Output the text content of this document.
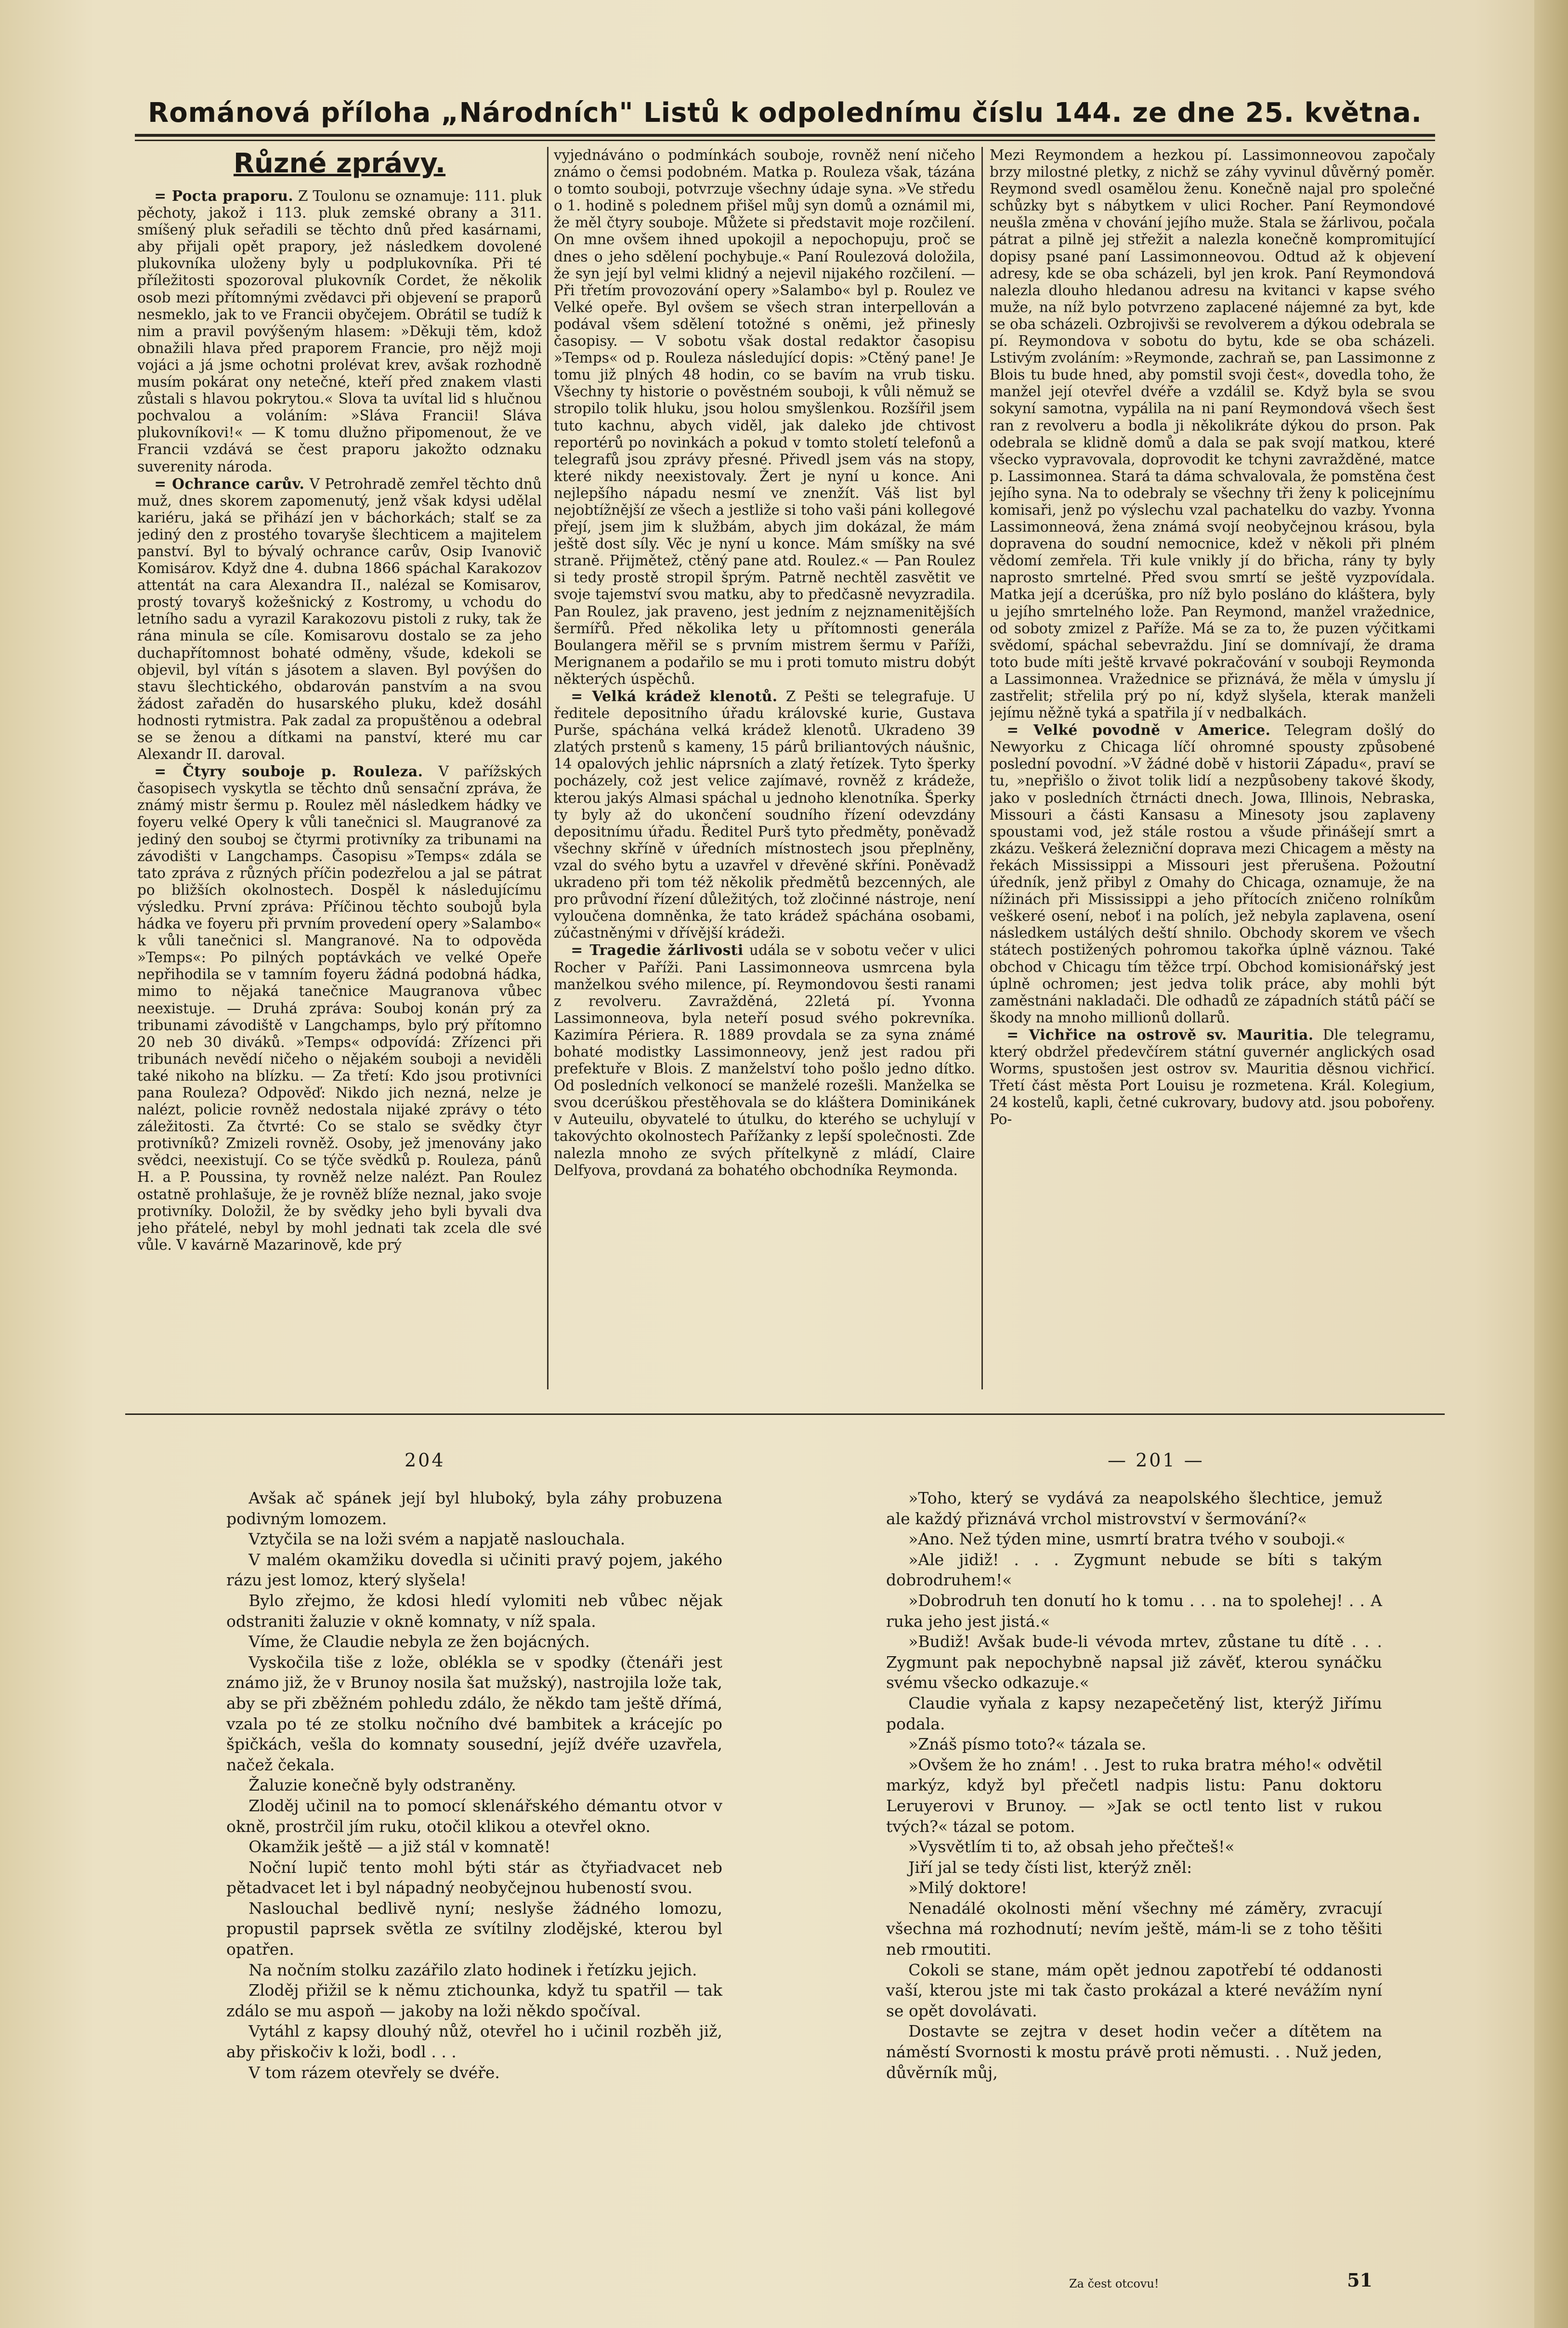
Románová příloha „Národních" Listů k odpolednímu číslu 144. ze dne 25. května.
Různé zprávy.

= Pocta praporu. Z Toulonu se oznamuje: 111. pluk pěchoty, jakož i 113. pluk zemské obrany a 311. smíšený pluk seřadili se těchto dnů před kasárnami, aby přijali opět prapory, jež následkem dovolené plukovníka uloženy byly u podplukovníka. Při té příležitosti spozoroval plukovník Cordet, že několik osob mezi přítomnými zvědavci při objevení se praporů nesmeklo, jak to ve Francii obyčejem. Obrátil se tudíž k nim a pravil povýšeným hlasem: »Děkuji těm, kdož obnažili hlava před praporem Francie, pro nějž moji vojáci a já jsme ochotni prolévat krev, avšak rozhodně musím pokárat ony netečné, kteří před znakem vlasti zůstali s hlavou pokrytou.« Slova ta uvítal lid s hlučnou pochvalou a voláním: »Sláva Francii! Sláva plukovníkovi!« — K tomu dlužno připomenout, že ve Francii vzdává se čest praporu jakožto odznaku suverenity národa.

= Ochrance carův. V Petrohradě zemřel těchto dnů muž, dnes skorem zapomenutý, jenž však kdysi udělal kariéru, jaká se přihází jen v báchorkách; stalť se za jediný den z prostého tovaryše šlechticem a majitelem panství. Byl to bývalý ochrance carův, Osip Ivanovič Komisárov. Když dne 4. dubna 1866 spáchal Karakozov attentát na cara Alexandra II., nalézal se Komisarov, prostý tovaryš kožešnický z Kostromy, u vchodu do letního sadu a vyrazil Karakozovu pistoli z ruky, tak že rána minula se cíle. Komisarovu dostalo se za jeho duchapřítomnost bohaté odměny, všude, kdekoli se objevil, byl vítán s jásotem a slaven. Byl povýšen do stavu šlechtického, obdarován panstvím a na svou žádost zařaděn do husarského pluku, kdež dosáhl hodnosti rytmistra. Pak zadal za propuštěnou a odebral se se ženou a dítkami na panství, které mu car Alexandr II. daroval.

= Čtyry souboje p. Rouleza. V pařížských časopisech vyskytla se těchto dnů sensační zpráva, že známý mistr šermu p. Roulez měl následkem hádky ve foyeru velké Opery k vůli tanečnici sl. Maugranové za jediný den souboj se čtyrmi protivníky za tribunami na závodišti v Langchamps. Časopisu »Temps« zdála se tato zpráva z různých příčin podezřelou a jal se pátrat po bližších okolnostech. Dospěl k následujícímu výsledku. První zpráva: Příčinou těchto soubojů byla hádka ve foyeru při prvním provedení opery »Salambo« k vůli tanečnici sl. Mangranové. Na to odpověda »Temps«: Po pilných poptávkách ve velké Opeře nepřihodila se v tamním foyeru žádná podobná hádka, mimo to nějaká tanečnice Maugranova vůbec neexistuje. — Druhá zpráva: Souboj konán prý za tribunami závodiště v Langchamps, bylo prý přítomno 20 neb 30 diváků. »Temps« odpovídá: Zřízenci při tribunách nevědí ničeho o nějakém souboji a neviděli také nikoho na blízku. — Za třetí: Kdo jsou protivníci pana Rouleza? Odpověď: Nikdo jich nezná, nelze je nalézt, policie rovněž nedostala nijaké zprávy o této záležitosti. Za čtvrté: Co se stalo se svědky čtyr protivníků? Zmizeli rovněž. Osoby, jež jmenovány jako svědci, neexistují. Co se týče svědků p. Rouleza, pánů H. a P. Poussina, ty rovněž nelze nalézt. Pan Roulez ostatně prohlašuje, že je rovněž blíže neznal, jako svoje protivníky. Doložil, že by svědky jeho byli byvali dva jeho přátelé, nebyl by mohl jednati tak zcela dle své vůle. V kavárně Mazarinově, kde prý

vyjednáváno o podmínkách souboje, rovněž není ničeho známo o čemsi podobném. Matka p. Rouleza však, tázána o tomto souboji, potvrzuje všechny údaje syna. »Ve středu o 1. hodině s polednem přišel můj syn domů a oznámil mi, že měl čtyry souboje. Můžete si představit moje rozčilení. On mne ovšem ihned upokojil a nepochopuju, proč se dnes o jeho sdělení pochybuje.« Paní Roulezová doložila, že syn její byl velmi klidný a nejevil nijakého rozčilení. — Při třetím provozování opery »Salambo« byl p. Roulez ve Velké opeře. Byl ovšem se všech stran interpellován a podával všem sdělení totožné s oněmi, jež přinesly časopisy. — V sobotu však dostal redaktor časopisu »Temps« od p. Rouleza následující dopis: »Ctěný pane! Je tomu již plných 48 hodin, co se bavím na vrub tisku. Všechny ty historie o pověstném souboji, k vůli němuž se stropilo tolik hluku, jsou holou smyšlenkou. Rozšířil jsem tuto kachnu, abych viděl, jak daleko jde chtivost reportérů po novinkách a pokud v tomto století telefonů a telegrafů jsou zprávy přesné. Přivedl jsem vás na stopy, které nikdy neexistovaly. Žert je nyní u konce. Ani nejlepšího nápadu nesmí ve znenžít. Váš list byl nejobtížnější ze všech a jestliže si toho vaši páni kollegové přejí, jsem jim k službám, abych jim dokázal, že mám ještě dost síly. Věc je nyní u konce. Mám smíšky na své straně. Přijmětež, ctěný pane atd. Roulez.« — Pan Roulez si tedy prostě stropil šprým. Patrně nechtěl zasvětit ve svoje tajemství svou matku, aby to předčasně nevyzradila. Pan Roulez, jak praveno, jest jedním z nejznamenitějších šermířů. Před několika lety u přítomnosti generála Boulangera měřil se s prvním mistrem šermu v Paříži, Merignanem a podařilo se mu i proti tomuto mistru dobýt některých úspěchů.

= Velká krádež klenotů. Z Pešti se telegrafuje. U ředitele depositního úřadu královské kurie, Gustava Purše, spáchána velká krádež klenotů. Ukradeno 39 zlatých prstenů s kameny, 15 párů briliantových náušnic, 14 opalových jehlic náprsních a zlatý řetízek. Tyto šperky pocházely, což jest velice zajímavé, rovněž z krádeže, kterou jakýs Almasi spáchal u jednoho klenotníka. Šperky ty byly až do ukončení soudního řízení odevzdány depositnímu úřadu. Ředitel Purš tyto předměty, poněvadž všechny skříně v úředních místnostech jsou přeplněny, vzal do svého bytu a uzavřel v dřevěné skříni. Poněvadž ukradeno při tom též několik předmětů bezcenných, ale pro průvodní řízení důležitých, tož zločinné nástroje, není vyloučena domněnka, že tato krádež spáchána osobami, zúčastněnými v dřívější krádeži.

= Tragedie žárlivosti udála se v sobotu večer v ulici Rocher v Paříži. Pani Lassimonneova usmrcena byla manželkou svého milence, pí. Reymondovou šesti ranami z revolveru. Zavražděná, 22letá pí. Yvonna Lassimonneova, byla neteří posud svého pokrevníka. Kazimíra Périera. R. 1889 provdala se za syna známé bohaté modistky Lassimonneovy, jenž jest radou při prefektuře v Blois. Z manželství toho pošlo jedno dítko. Od posledních velkonocí se manželé rozešli. Manželka se svou dcerúškou přestěhovala se do kláštera Dominikánek v Auteuilu, obyvatelé to útulku, do kterého se uchylují v takovýchto okolnostech Pařížanky z lepší společnosti. Zde nalezla mnoho ze svých přítelkyně z mládí, Claire Delfyova, provdaná za bohatého obchodníka Reymonda.

Mezi Reymondem a hezkou pí. Lassimonneovou započaly brzy milostné pletky, z nichž se záhy vyvinul důvěrný poměr. Reymond svedl osamělou ženu. Konečně najal pro společné schůzky byt s nábytkem v ulici Rocher. Paní Reymondové neušla změna v chování jejího muže. Stala se žárlivou, počala pátrat a pilně jej střežit a nalezla konečně kompromitující dopisy psané paní Lassimonneovou. Odtud až k objevení adresy, kde se oba scházeli, byl jen krok. Paní Reymondová nalezla dlouho hledanou adresu na kvitanci v kapse svého muže, na níž bylo potvrzeno zaplacené nájemné za byt, kde se oba scházeli. Ozbrojivši se revolverem a dýkou odebrala se pí. Reymondova v sobotu do bytu, kde se oba scházeli. Lstivým zvoláním: »Reymonde, zachraň se, pan Lassimonne z Blois tu bude hned, aby pomstil svoji čest«, dovedla toho, že manžel její otevřel dvéře a vzdálil se. Když byla se svou sokyní samotna, vypálila na ni paní Reymondová všech šest ran z revolveru a bodla ji několikráte dýkou do prson. Pak odebrala se klidně domů a dala se pak svojí matkou, které všecko vypravovala, doprovodit ke tchyni zavražděné, matce p. Lassimonnea. Stará ta dáma schvalovala, že pomstěna čest jejího syna. Na to odebraly se všechny tři ženy k policejnímu komisaři, jenž po výslechu vzal pachatelku do vazby. Yvonna Lassimonneová, žena známá svojí neobyčejnou krásou, byla dopravena do soudní nemocnice, kdež v několi při plném vědomí zemřela. Tři kule vnikly jí do břicha, rány ty byly naprosto smrtelné. Před svou smrtí se ještě vyzpovídala. Matka její a dcerúška, pro níž bylo posláno do kláštera, byly u jejího smrtelného lože. Pan Reymond, manžel vražednice, od soboty zmizel z Paříže. Má se za to, že puzen výčitkami svědomí, spáchal sebevraždu. Jiní se domnívají, že drama toto bude míti ještě krvavé pokračování v souboji Reymonda a Lassimonnea. Vražednice se přiznává, že měla v úmyslu jí zastřelit; střelila prý po ní, když slyšela, kterak manželi jejímu něžně tyká a spatřila jí v nedbalkách.

= Velké povodně v Americe. Telegram došlý do Newyorku z Chicaga líčí ohromné spousty způsobené poslední povodní. »V žádné době v historii Západu«, praví se tu, »nepřišlo o život tolik lidí a nezpůsobeny takové škody, jako v posledních čtrnácti dnech. Jowa, Illinois, Nebraska, Missouri a části Kansasu a Minesoty jsou zaplaveny spoustami vod, jež stále rostou a všude přinášejí smrt a zkázu. Veškerá železniční doprava mezi Chicagem a městy na řekách Mississippi a Missouri jest přerušena. Požoutní úředník, jenž přibyl z Omahy do Chicaga, oznamuje, že na nížinách při Mississippi a jeho přítocích zničeno rolníkům veškeré osení, neboť i na polích, jež nebyla zaplavena, osení následkem ustálých deští shnilo. Obchody skorem ve všech státech postižených pohromou takořka úplně váznou. Také obchod v Chicagu tím těžce trpí. Obchod komisionářský jest úplně ochromen; jest jedva tolik práce, aby mohli být zaměstnáni nakladači. Dle odhadů ze západních států páčí se škody na mnoho millionů dollarů.

= Vichřice na ostrově sv. Mauritia. Dle telegramu, který obdržel předevčírem státní guvernér anglických osad Worms, spustošen jest ostrov sv. Mauritia děsnou vichřicí. Třetí část města Port Louisu je rozmetena. Král. Kolegium, 24 kostelů, kapli, četné cukrovary, budovy atd. jsou pobořeny. Po-

204

Avšak ač spánek její byl hluboký, byla záhy probuzena podivným lomozem.

Vztyčila se na loži svém a napjatě naslouchala.

V malém okamžiku dovedla si učiniti pravý pojem, jakého rázu jest lomoz, který slyšela!

Bylo zřejmo, že kdosi hledí vylomiti neb vůbec nějak odstraniti žaluzie v okně komnaty, v níž spala.

Víme, že Claudie nebyla ze žen bojácných.

Vyskočila tiše z lože, oblékla se v spodky (čtenáři jest známo již, že v Brunoy nosila šat mužský), nastrojila lože tak, aby se při zběžném pohledu zdálo, že někdo tam ještě dřímá, vzala po té ze stolku nočního dvé bambitek a krácejíc po špičkách, vešla do komnaty sousední, jejíž dvéře uzavřela, načež čekala.

Žaluzie konečně byly odstraněny.

Zloděj učinil na to pomocí sklenářského démantu otvor v okně, prostrčil jím ruku, otočil klikou a otevřel okno.

Okamžik ještě — a již stál v komnatě!

Noční lupič tento mohl býti stár as čtyřiadvacet neb pětadvacet let i byl nápadný neobyčejnou hubeností svou.

Naslouchal bedlivě nyní; neslyše žádného lomozu, propustil paprsek světla ze svítilny zlodějské, kterou byl opatřen.

Na nočním stolku zazářilo zlato hodinek i řetízku jejich.

Zloděj přižil se k němu ztichounka, když tu spatřil — tak zdálo se mu aspoň — jakoby na loži někdo spočíval.

Vytáhl z kapsy dlouhý nůž, otevřel ho i učinil rozběh již, aby přiskočiv k loži, bodl . . .

V tom rázem otevřely se dvéře.

— 201 —

»Toho, který se vydává za neapolského šlechtice, jemuž ale každý přiznává vrchol mistrovství v šermování?«

»Ano. Než týden mine, usmrtí bratra tvého v souboji.«

»Ale jidiž! . . . Zygmunt nebude se bíti s takým dobrodruhem!«

»Dobrodruh ten donutí ho k tomu . . . na to spolehej! . . A ruka jeho jest jistá.«

»Budiž! Avšak bude-li vévoda mrtev, zůstane tu dítě . . . Zygmunt pak nepochybně napsal již závěť, kterou synáčku svému všecko odkazuje.«

Claudie vyňala z kapsy nezapečetěný list, kterýž Jiřímu podala.

»Znáš písmo toto?« tázala se.

»Ovšem že ho znám! . . Jest to ruka bratra mého!« odvětil markýz, když byl přečetl nadpis listu: Panu doktoru Leruyerovi v Brunoy. — »Jak se octl tento list v rukou tvých?« tázal se potom.

»Vysvětlím ti to, až obsah jeho přečteš!«

Jiří jal se tedy čísti list, kterýž zněl:

»Milý doktore!

Nenadálé okolnosti mění všechny mé záměry, zvracují všechna má rozhodnutí; nevím ještě, mám-li se z toho těšiti neb rmoutiti.

Cokoli se stane, mám opět jednou zapotřebí té oddanosti vaší, kterou jste mi tak často prokázal a které nevážím nyní se opět dovolávati.

Dostavte se zejtra v deset hodin večer a dítětem na náměstí Svornosti k mostu právě proti němusti. . . Nuž jeden, důvěrník můj,

Za čest otcovu!	51
